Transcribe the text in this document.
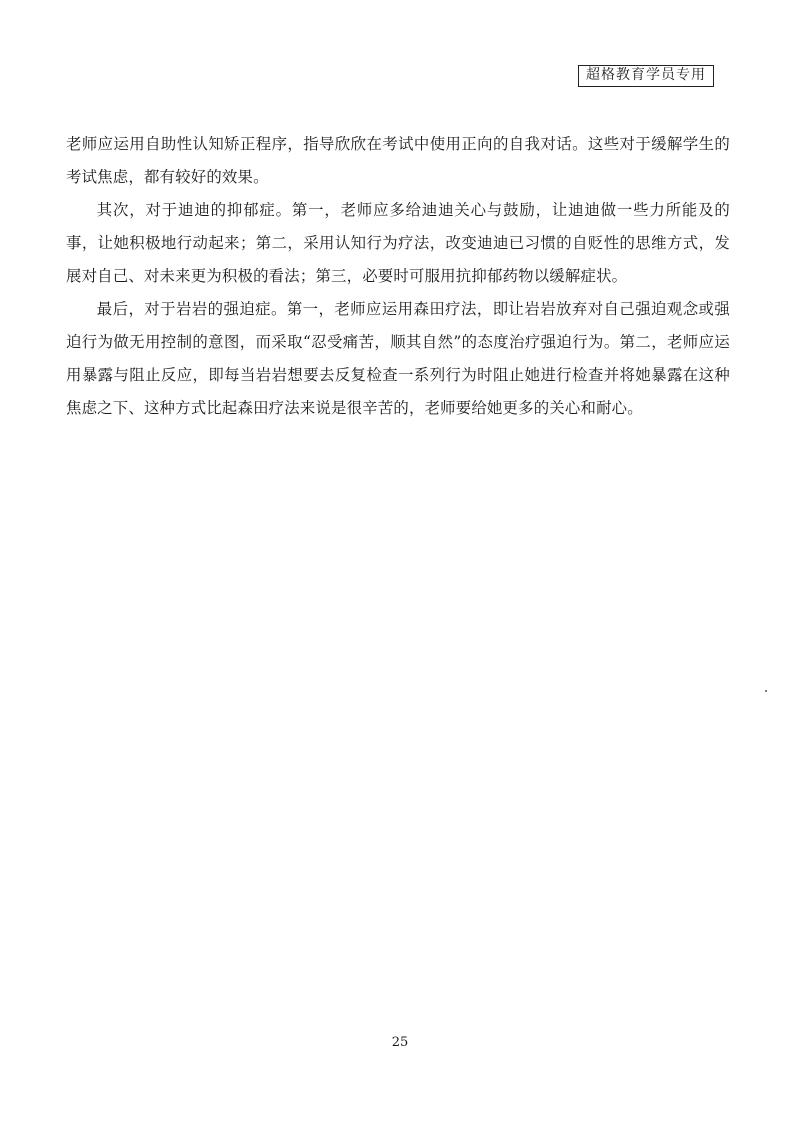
超格教育学员专用

老师应运用自助性认知矫正程序，指导欣欣在考试中使用正向的自我对话。这些对于缓解学生的考试焦虑，都有较好的效果。

其次，对于迪迪的抑郁症。第一，老师应多给迪迪关心与鼓励，让迪迪做一些力所能及的事，让她积极地行动起来；第二，采用认知行为疗法，改变迪迪已习惯的自贬性的思维方式，发展对自己、对未来更为积极的看法；第三，必要时可服用抗抑郁药物以缓解症状。

最后，对于岩岩的强迫症。第一，老师应运用森田疗法，即让岩岩放弃对自己强迫观念或强迫行为做无用控制的意图，而采取“忍受痛苦，顺其自然”的态度治疗强迫行为。第二，老师应运用暴露与阻止反应，即每当岩岩想要去反复检查一系列行为时阻止她进行检查并将她暴露在这种焦虑之下、这种方式比起森田疗法来说是很辛苦的，老师要给她更多的关心和耐心。

25
